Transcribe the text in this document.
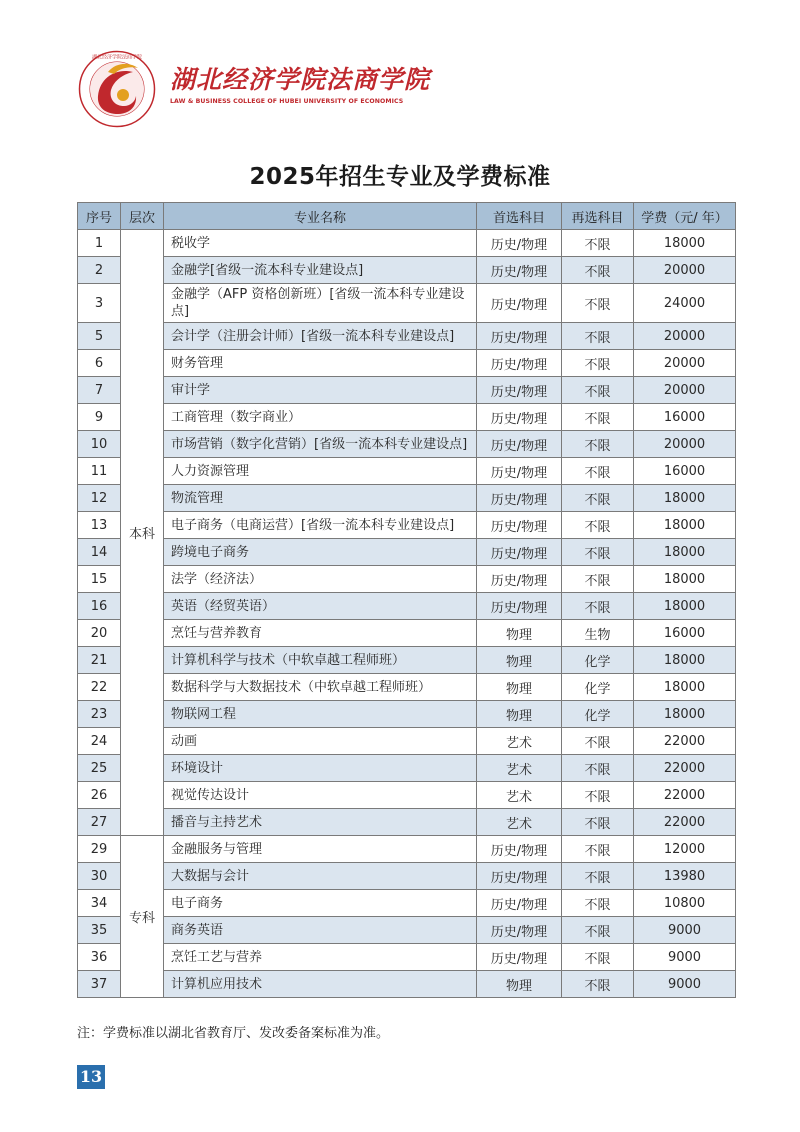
湖北经济学院法商学院
湖北经济学院法商学院
LAW & BUSINESS COLLEGE OF HUBEI UNIVERSITY OF ECONOMICS
2025年招生专业及学费标准
序号	层次	专业名称	首选科目	再选科目	学费（元/ 年）
1	本科	税收学	历史/物理	不限	18000
2		金融学[省级一流本科专业建设点]	历史/物理	不限	20000
3		金融学（AFP 资格创新班）[省级一流本科专业建设点]	历史/物理	不限	24000
5		会计学（注册会计师）[省级一流本科专业建设点]	历史/物理	不限	20000
6		财务管理	历史/物理	不限	20000
7		审计学	历史/物理	不限	20000
9		工商管理（数字商业）	历史/物理	不限	16000
10		市场营销（数字化营销）[省级一流本科专业建设点]	历史/物理	不限	20000
11		人力资源管理	历史/物理	不限	16000
12		物流管理	历史/物理	不限	18000
13		电子商务（电商运营）[省级一流本科专业建设点]	历史/物理	不限	18000
14		跨境电子商务	历史/物理	不限	18000
15		法学（经济法）	历史/物理	不限	18000
16		英语（经贸英语）	历史/物理	不限	18000
20		烹饪与营养教育	物理	生物	16000
21		计算机科学与技术（中软卓越工程师班）	物理	化学	18000
22		数据科学与大数据技术（中软卓越工程师班）	物理	化学	18000
23		物联网工程	物理	化学	18000
24		动画	艺术	不限	22000
25		环境设计	艺术	不限	22000
26		视觉传达设计	艺术	不限	22000
27		播音与主持艺术	艺术	不限	22000
29	专科	金融服务与管理	历史/物理	不限	12000
30		大数据与会计	历史/物理	不限	13980
34		电子商务	历史/物理	不限	10800
35		商务英语	历史/物理	不限	9000
36		烹饪工艺与营养	历史/物理	不限	9000
37		计算机应用技术	物理	不限	9000
注：学费标准以湖北省教育厅、发改委备案标准为准。
13
